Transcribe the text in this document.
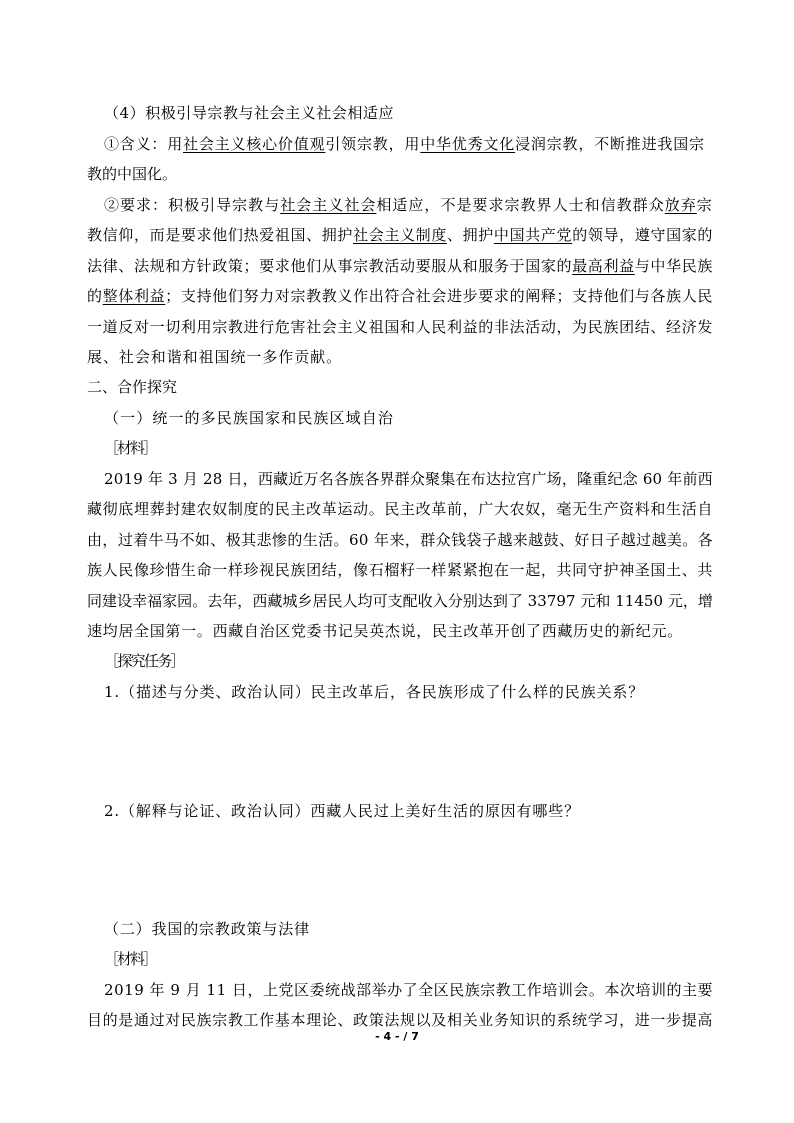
（4）积极引导宗教与社会主义社会相适应
①含义：用社会主义核心价值观引领宗教，用中华优秀文化浸润宗教，不断推进我国宗
教的中国化。
②要求：积极引导宗教与社会主义社会相适应，不是要求宗教界人士和信教群众放弃宗
教信仰，而是要求他们热爱祖国、拥护社会主义制度、拥护中国共产党的领导，遵守国家的
法律、法规和方针政策；要求他们从事宗教活动要服从和服务于国家的最高利益与中华民族
的整体利益；支持他们努力对宗教教义作出符合社会进步要求的阐释；支持他们与各族人民
一道反对一切利用宗教进行危害社会主义祖国和人民利益的非法活动，为民族团结、经济发
展、社会和谐和祖国统一多作贡献。
二、合作探究
（一）统一的多民族国家和民族区域自治
［材料］
2019 年 3 月 28 日，西藏近万名各族各界群众聚集在布达拉宫广场，隆重纪念 60 年前西
藏彻底埋葬封建农奴制度的民主改革运动。民主改革前，广大农奴，毫无生产资料和生活自
由，过着牛马不如、极其悲惨的生活。60 年来，群众钱袋子越来越鼓、好日子越过越美。各
族人民像珍惜生命一样珍视民族团结，像石榴籽一样紧紧抱在一起，共同守护神圣国土、共
同建设幸福家园。去年，西藏城乡居民人均可支配收入分别达到了 33797 元和 11450 元，增
速均居全国第一。西藏自治区党委书记吴英杰说，民主改革开创了西藏历史的新纪元。
［探究任务］
1.（描述与分类、政治认同）民主改革后，各民族形成了什么样的民族关系？
2.（解释与论证、政治认同）西藏人民过上美好生活的原因有哪些？
（二）我国的宗教政策与法律
［材料］
2019 年 9 月 11 日，上党区委统战部举办了全区民族宗教工作培训会。本次培训的主要
目的是通过对民族宗教工作基本理论、政策法规以及相关业务知识的系统学习，进一步提高
- 4 - / 7
